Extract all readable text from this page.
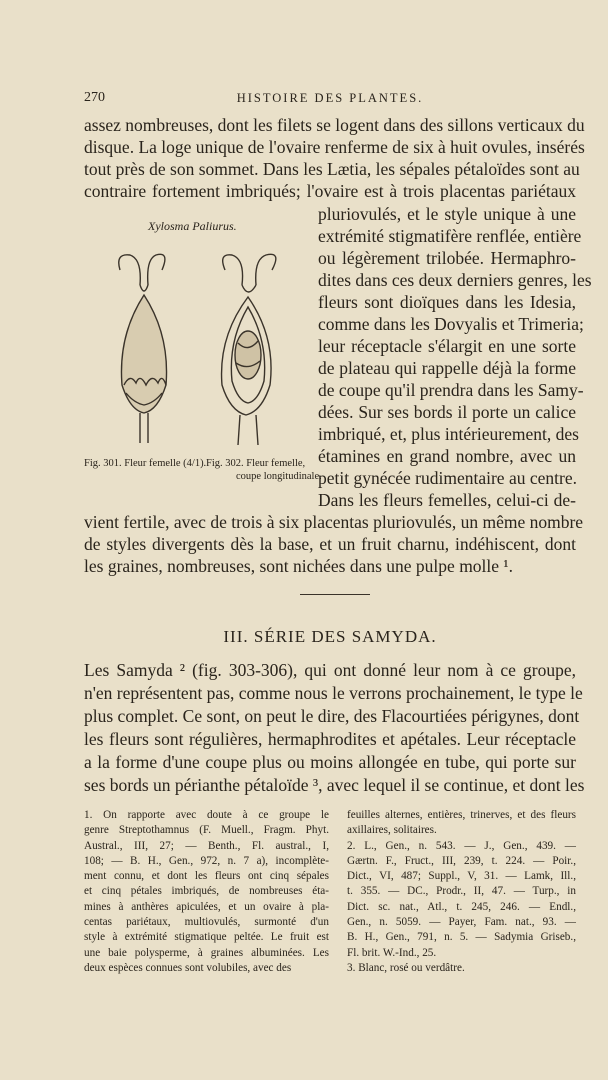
270	HISTOIRE DES PLANTES.
assez nombreuses, dont les filets se logent dans des sillons verticaux du
disque. La loge unique de l'ovaire renferme de six à huit ovules, insérés
tout près de son sommet. Dans les Lætia, les sépales pétaloïdes sont au
contraire fortement imbriqués; l'ovaire est à trois placentas pariétaux
pluriovulés, et le style unique à une
extrémité stigmatifère renflée, entière
ou légèrement trilobée. Hermaphro-
dites dans ces deux derniers genres, les
fleurs sont dioïques dans les Idesia,
comme dans les Dovyalis et Trimeria;
leur réceptacle s'élargit en une sorte
de plateau qui rappelle déjà la forme
de coupe qu'il prendra dans les Samy-
dées. Sur ses bords il porte un calice
imbriqué, et, plus intérieurement, des
étamines en grand nombre, avec un
petit gynécée rudimentaire au centre.
Dans les fleurs femelles, celui-ci de-
vient fertile, avec de trois à six placentas pluriovulés, un même nombre
de styles divergents dès la base, et un fruit charnu, indéhiscent, dont
les graines, nombreuses, sont nichées dans une pulpe molle ¹.
Xylosma Paliurus.
Fig. 301. Fleur femelle (4/1). Fig. 302. Fleur femelle,
coupe longitudinale.
III. SÉRIE DES SAMYDA.
Les Samyda ² (fig. 303-306), qui ont donné leur nom à ce groupe,
n'en représentent pas, comme nous le verrons prochainement, le type le
plus complet. Ce sont, on peut le dire, des Flacourtiées périgynes, dont
les fleurs sont régulières, hermaphrodites et apétales. Leur réceptacle
a la forme d'une coupe plus ou moins allongée en tube, qui porte sur
ses bords un périanthe pétaloïde ³, avec lequel il se continue, et dont les
1. On rapporte avec doute à ce groupe le
genre Streptothamnus (F. Muell., Fragm. Phyt.
Austral., III, 27; — Benth., Fl. austral., I,
108; — B. H., Gen., 972, n. 7 a), incomplète-
ment connu, et dont les fleurs ont cinq sépales
et cinq pétales imbriqués, de nombreuses éta-
mines à anthères apiculées, et un ovaire à pla-
centas pariétaux, multiovulés, surmonté d'un
style à extrémité stigmatique peltée. Le fruit est
une baie polysperme, à graines albuminées. Les
deux espèces connues sont volubiles, avec des
feuilles alternes, entières, trinerves, et des fleurs
axillaires, solitaires.
2. L., Gen., n. 543. — J., Gen., 439. —
Gærtn. F., Fruct., III, 239, t. 224. — Poir.,
Dict., VI, 487; Suppl., V, 31. — Lamk, Ill.,
t. 355. — DC., Prodr., II, 47. — Turp., in
Dict. sc. nat., Atl., t. 245, 246. — Endl.,
Gen., n. 5059. — Payer, Fam. nat., 93. —
B. H., Gen., 791, n. 5. — Sadymia Griseb.,
Fl. brit. W.-Ind., 25.
3. Blanc, rosé ou verdâtre.
